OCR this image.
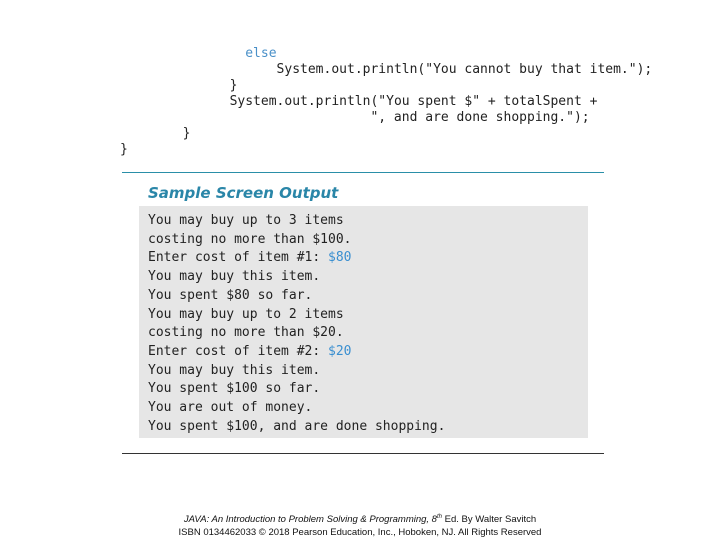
else
System.out.println("You cannot buy that item.");
}
System.out.println("You spent $" + totalSpent +
", and are done shopping.");
}
}
Sample Screen Output
You may buy up to 3 items
costing no more than $100.
Enter cost of item #1: $80
You may buy this item.
You spent $80 so far.
You may buy up to 2 items
costing no more than $20.
Enter cost of item #2: $20
You may buy this item.
You spent $100 so far.
You are out of money.
You spent $100, and are done shopping.
JAVA: An Introduction to Problem Solving & Programming, 8th Ed. By Walter Savitch
ISBN 0134462033 © 2018 Pearson Education, Inc., Hoboken, NJ. All Rights Reserved
